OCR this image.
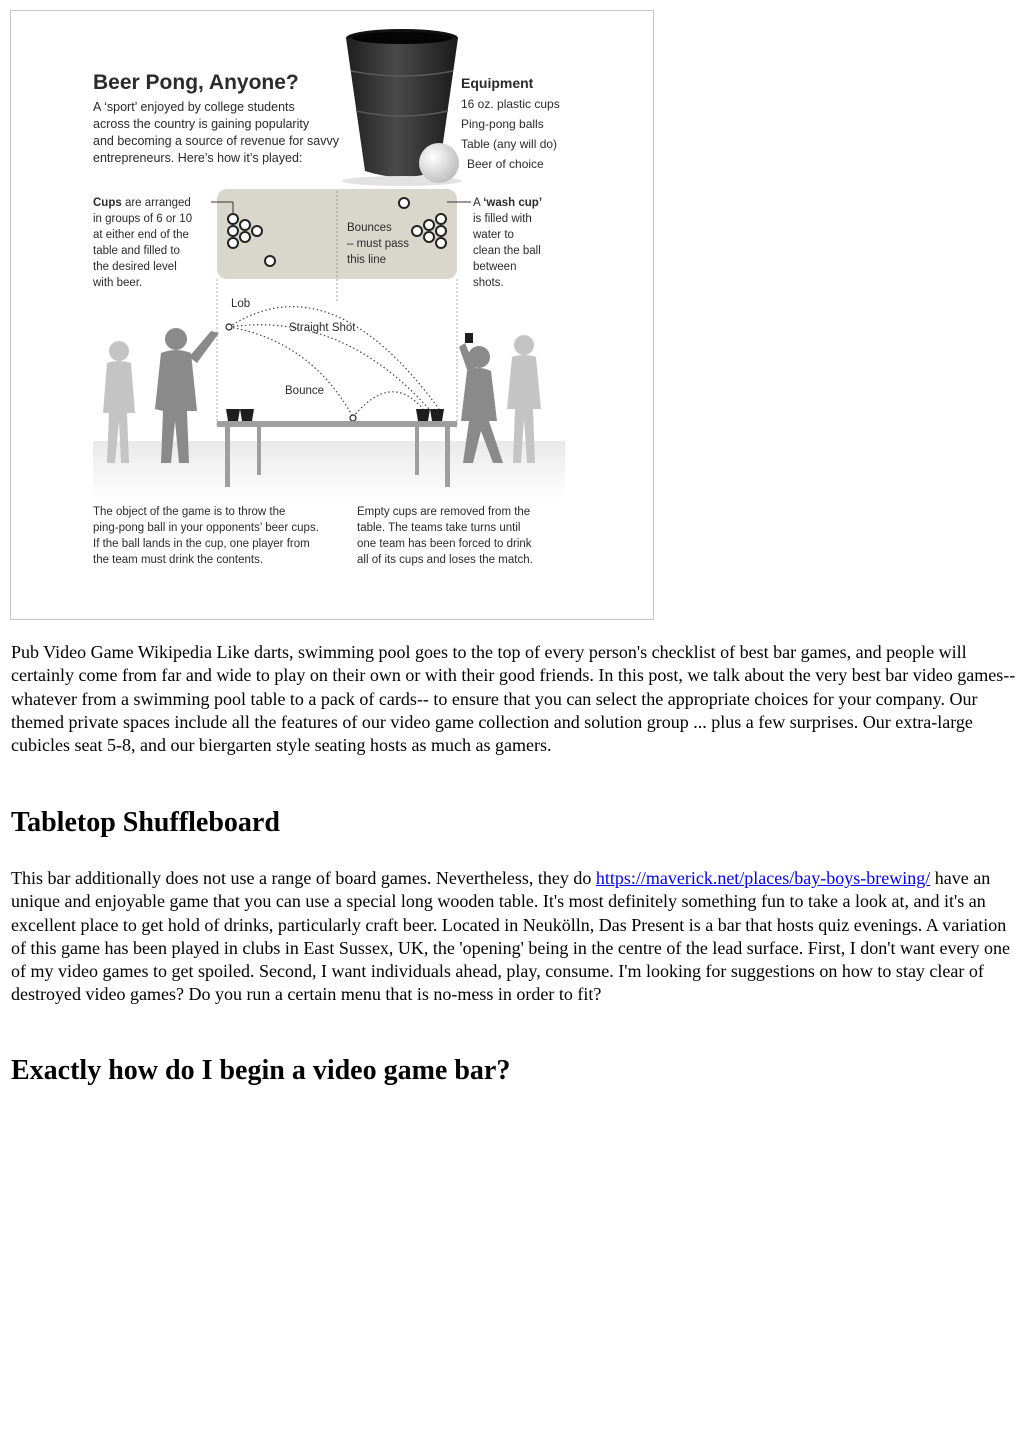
Beer Pong, Anyone?
A ‘sport’ enjoyed by college students
across the country is gaining popularity
and becoming a source of revenue for savvy
entrepreneurs. Here’s how it’s played:
Equipment
16 oz. plastic cups
Ping-pong balls
Table (any will do)
Beer of choice
Cups are arranged
in groups of 6 or 10
at either end of the
table and filled to
the desired level
with beer.
Bounces
– must pass
this line
A ‘wash cup’
is filled with
water to
clean the ball
between
shots.
Lob
Straight Shot
Bounce
The object of the game is to throw the
ping-pong ball in your opponents’ beer cups.
If the ball lands in the cup, one player from
the team must drink the contents.
Empty cups are removed from the
table. The teams take turns until
one team has been forced to drink
all of its cups and loses the match.

Pub Video Game Wikipedia Like darts, swimming pool goes to the top of every person's checklist of best bar games, and people will certainly come from far and wide to play on their own or with their good friends. In this post, we talk about the very best bar video games-- whatever from a swimming pool table to a pack of cards-- to ensure that you can select the appropriate choices for your company. Our themed private spaces include all the features of our video game collection and solution group ... plus a few surprises. Our extra-large cubicles seat 5-8, and our biergarten style seating hosts as much as gamers.

Tabletop Shuffleboard

This bar additionally does not use a range of board games. Nevertheless, they do https://maverick.net/places/bay-boys-brewing/ have an unique and enjoyable game that you can use a special long wooden table. It's most definitely something fun to take a look at, and it's an excellent place to get hold of drinks, particularly craft beer. Located in Neukölln, Das Present is a bar that hosts quiz evenings. A variation of this game has been played in clubs in East Sussex, UK, the 'opening' being in the centre of the lead surface. First, I don't want every one of my video games to get spoiled. Second, I want individuals ahead, play, consume. I'm looking for suggestions on how to stay clear of destroyed video games? Do you run a certain menu that is no-mess in order to fit?

Exactly how do I begin a video game bar?
